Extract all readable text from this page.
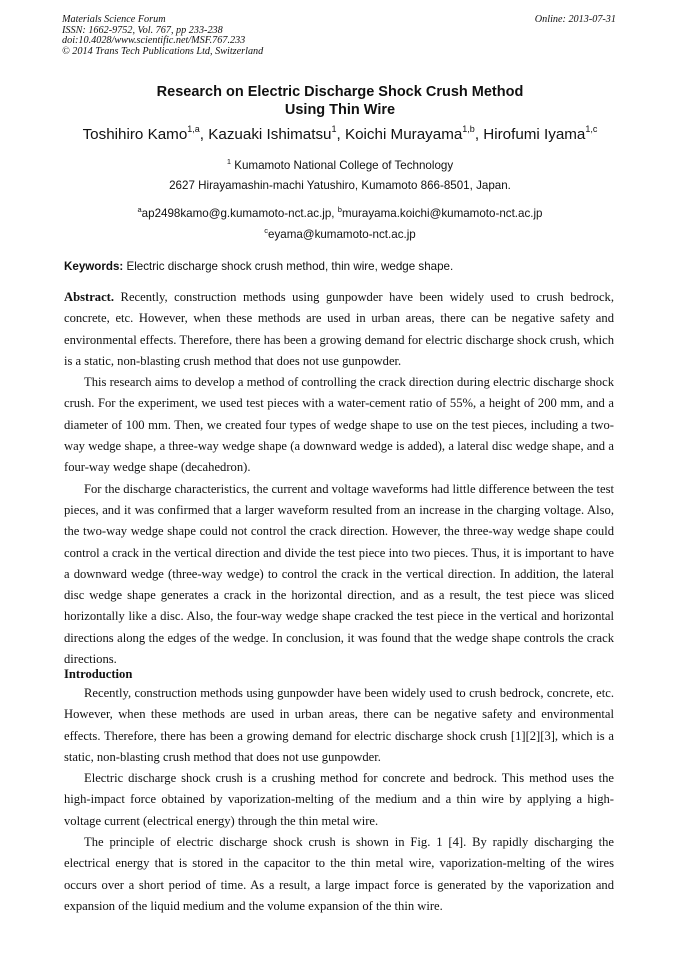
Materials Science Forum
ISSN: 1662-9752, Vol. 767, pp 233-238
doi:10.4028/www.scientific.net/MSF.767.233
© 2014 Trans Tech Publications Ltd, Switzerland
Online: 2013-07-31
Research on Electric Discharge Shock Crush Method
Using Thin Wire
Toshihiro Kamo$^{1,a}$, Kazuaki Ishimatsu$^1$, Koichi Murayama$^{1,b}$, Hirofumi Iyama$^{1,c}$
$^1$ Kumamoto National College of Technology
2627 Hirayamashin-machi Yatushiro, Kumamoto 866-8501, Japan.
$^a$ap2498kamo@g.kumamoto-nct.ac.jp, $^b$murayama.koichi@kumamoto-nct.ac.jp
$^c$eyama@kumamoto-nct.ac.jp
Keywords: Electric discharge shock crush method, thin wire, wedge shape.

Abstract. Recently, construction methods using gunpowder have been widely used to crush bedrock, concrete, etc. However, when these methods are used in urban areas, there can be negative safety and environmental effects. Therefore, there has been a growing demand for electric discharge shock crush, which is a static, non-blasting crush method that does not use gunpowder.

This research aims to develop a method of controlling the crack direction during electric discharge shock crush. For the experiment, we used test pieces with a water-cement ratio of 55%, a height of 200 mm, and a diameter of 100 mm. Then, we created four types of wedge shape to use on the test pieces, including a two-way wedge shape, a three-way wedge shape (a downward wedge is added), a lateral disc wedge shape, and a four-way wedge shape (decahedron).

For the discharge characteristics, the current and voltage waveforms had little difference between the test pieces, and it was confirmed that a larger waveform resulted from an increase in the charging voltage. Also, the two-way wedge shape could not control the crack direction. However, the three-way wedge shape could control a crack in the vertical direction and divide the test piece into two pieces. Thus, it is important to have a downward wedge (three-way wedge) to control the crack in the vertical direction. In addition, the lateral disc wedge shape generates a crack in the horizontal direction, and as a result, the test piece was sliced horizontally like a disc. Also, the four-way wedge shape cracked the test piece in the vertical and horizontal directions along the edges of the wedge. In conclusion, it was found that the wedge shape controls the crack directions.

Introduction

Recently, construction methods using gunpowder have been widely used to crush bedrock, concrete, etc. However, when these methods are used in urban areas, there can be negative safety and environmental effects. Therefore, there has been a growing demand for electric discharge shock crush [1][2][3], which is a static, non-blasting crush method that does not use gunpowder.

Electric discharge shock crush is a crushing method for concrete and bedrock. This method uses the high-impact force obtained by vaporization-melting of the medium and a thin wire by applying a high-voltage current (electrical energy) through the thin metal wire.

The principle of electric discharge shock crush is shown in Fig. 1 [4]. By rapidly discharging the electrical energy that is stored in the capacitor to the thin metal wire, vaporization-melting of the wires occurs over a short period of time. As a result, a large impact force is generated by the vaporization and expansion of the liquid medium and the volume expansion of the thin wire.
